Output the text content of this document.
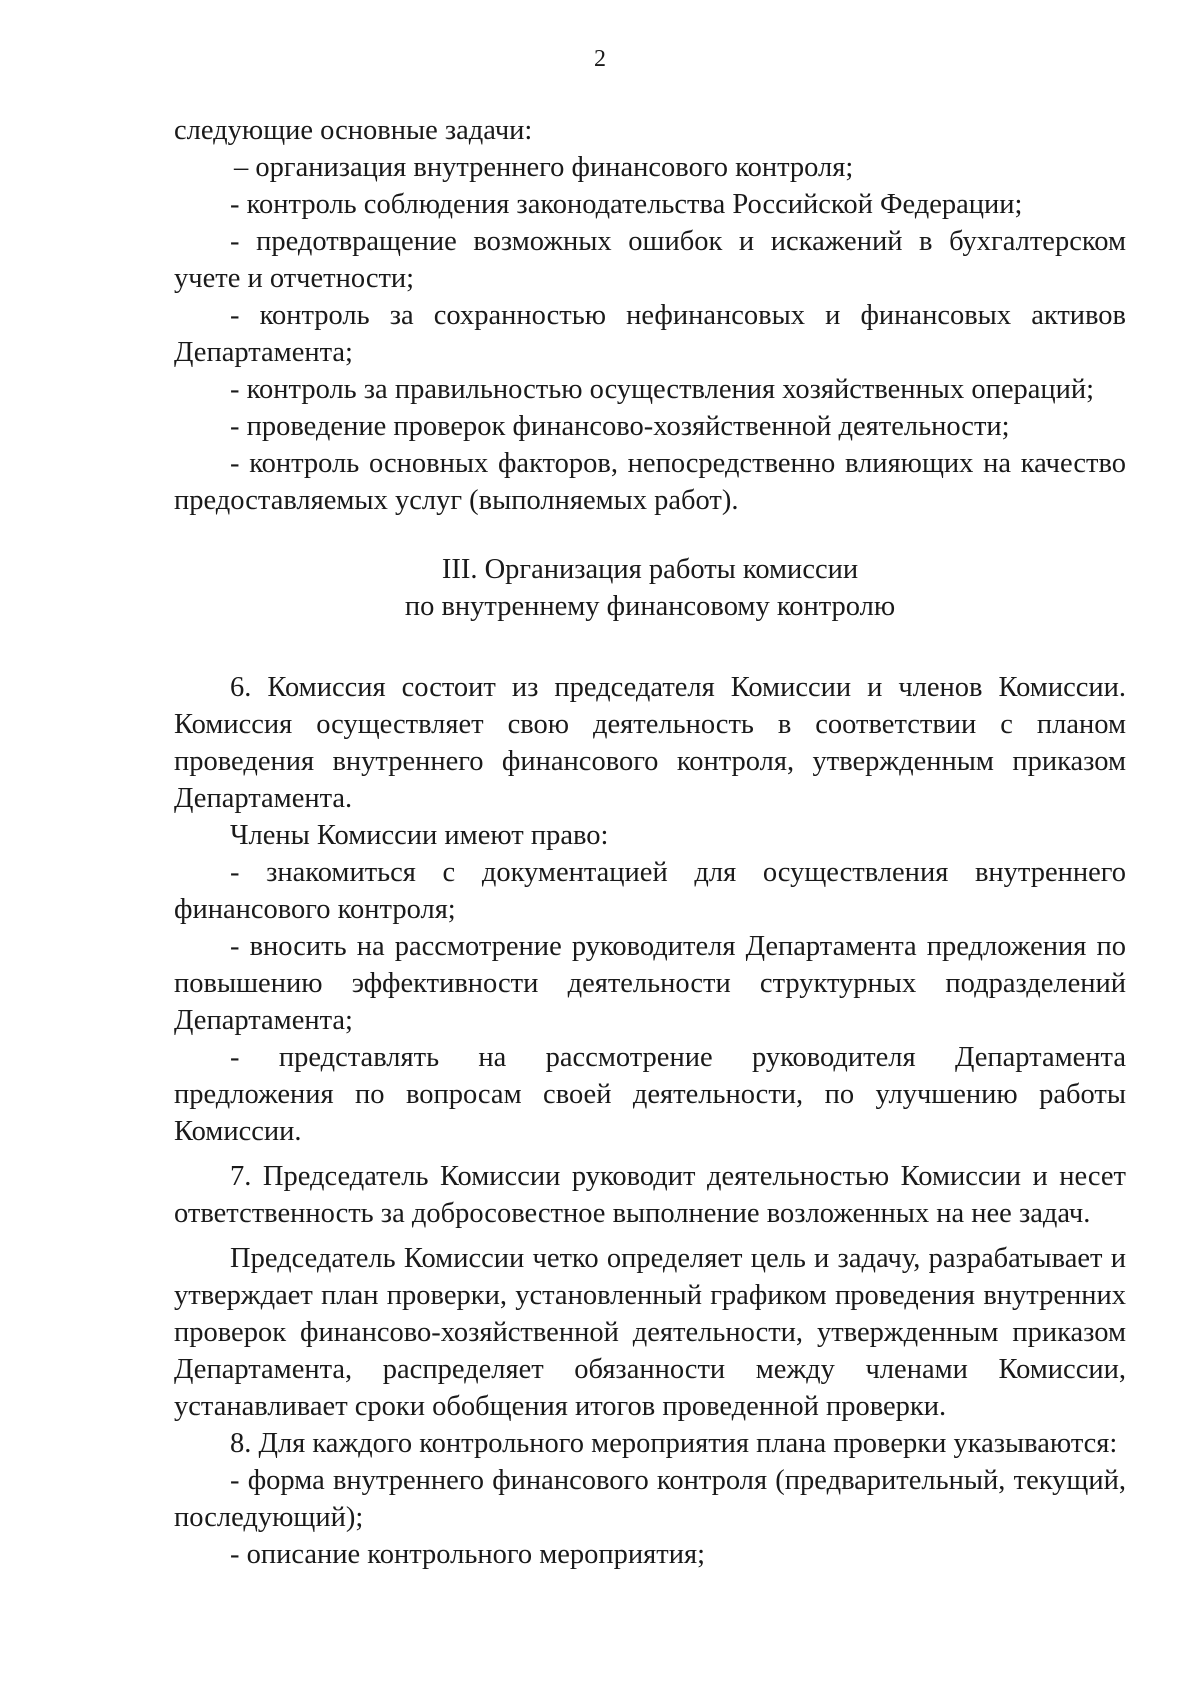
2

следующие основные задачи:

– организация внутреннего финансового контроля;

- контроль соблюдения законодательства Российской Федерации;

- предотвращение возможных ошибок и искажений в бухгалтерском учете и отчетности;

- контроль за сохранностью нефинансовых и финансовых активов Департамента;

- контроль за правильностью осуществления хозяйственных операций;

- проведение проверок финансово-хозяйственной деятельности;

- контроль основных факторов, непосредственно влияющих на качество предоставляемых услуг (выполняемых работ).

III. Организация работы комиссии

по внутреннему финансовому контролю

6. Комиссия состоит из председателя Комиссии и членов Комиссии. Комиссия осуществляет свою деятельность в соответствии с планом проведения внутреннего финансового контроля, утвержденным приказом Департамента.

Члены Комиссии имеют право:

- знакомиться с документацией для осуществления внутреннего финансового контроля;

- вносить на рассмотрение руководителя Департамента предложения по повышению эффективности деятельности структурных подразделений Департамента;

- представлять на рассмотрение руководителя Департамента предложения по вопросам своей деятельности, по улучшению работы Комиссии.

7. Председатель Комиссии руководит деятельностью Комиссии и несет ответственность за добросовестное выполнение возложенных на нее задач.

Председатель Комиссии четко определяет цель и задачу, разрабатывает и утверждает план проверки, установленный графиком проведения внутренних проверок финансово-хозяйственной деятельности, утвержденным приказом Департамента, распределяет обязанности между членами Комиссии, устанавливает сроки обобщения итогов проведенной проверки.

8. Для каждого контрольного мероприятия плана проверки указываются:

- форма внутреннего финансового контроля (предварительный, текущий, последующий);

- описание контрольного мероприятия;
